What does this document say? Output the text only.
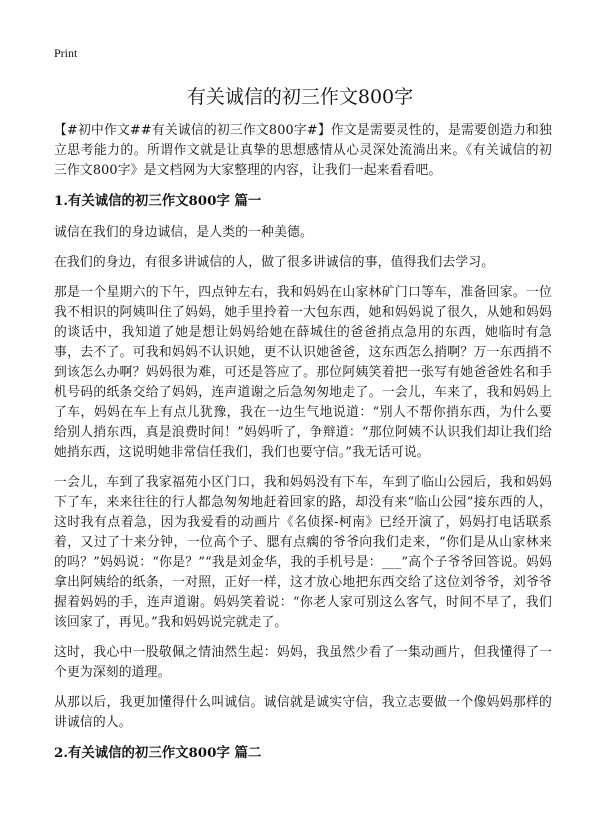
Print
有关诚信的初三作文800字

【#初中作文##有关诚信的初三作文800字#】作文是需要灵性的，是需要创造力和独立思考能力的。所谓作文就是让真挚的思想感情从心灵深处流淌出来。《有关诚信的初三作文800字》是文档网为大家整理的内容，让我们一起来看看吧。

1.有关诚信的初三作文800字 篇一

诚信在我们的身边诚信，是人类的一种美德。

在我们的身边，有很多讲诚信的人，做了很多讲诚信的事，值得我们去学习。

那是一个星期六的下午，四点钟左右，我和妈妈在山家林矿门口等车，准备回家。一位我不相识的阿姨叫住了妈妈，她手里拎着一大包东西，她和妈妈说了很久，从她和妈妈的谈话中，我知道了她是想让妈妈给她在薛城住的爸爸捎点急用的东西，她临时有急事，去不了。可我和妈妈不认识她，更不认识她爸爸，这东西怎么捎啊？万一东西捎不到该怎么办啊？妈妈很为难，可还是答应了。那位阿姨笑着把一张写有她爸爸姓名和手机号码的纸条交给了妈妈，连声道谢之后急匆匆地走了。一会儿，车来了，我和妈妈上了车，妈妈在车上有点儿犹豫，我在一边生气地说道：“别人不帮你捎东西，为什么要给别人捎东西，真是浪费时间！”妈妈听了，争辩道：“那位阿姨不认识我们却让我们给她捎东西，这说明她非常信任我们，我们也要守信。”我无话可说。

一会儿，车到了我家福苑小区门口，我和妈妈没有下车，车到了临山公园后，我和妈妈下了车，来来往往的行人都急匆匆地赶着回家的路，却没有来“临山公园”接东西的人，这时我有点着急，因为我爱看的动画片《名侦探-柯南》已经开演了，妈妈打电话联系着，又过了十来分钟，一位高个子、腮有点瘸的爷爷向我们走来，“你们是从山家林来的吗？”妈妈说：“你是？”“我是刘金华，我的手机号是：___”高个子爷爷回答说。妈妈拿出阿姨给的纸条，一对照，正好一样，这才放心地把东西交给了这位刘爷爷，刘爷爷握着妈妈的手，连声道谢。妈妈笑着说：“你老人家可别这么客气，时间不早了，我们该回家了，再见。”我和妈妈说完就走了。

这时，我心中一股敬佩之情油然生起：妈妈，我虽然少看了一集动画片，但我懂得了一个更为深刻的道理。

从那以后，我更加懂得什么叫诚信。诚信就是诚实守信，我立志要做一个像妈妈那样的讲诚信的人。

2.有关诚信的初三作文800字 篇二
